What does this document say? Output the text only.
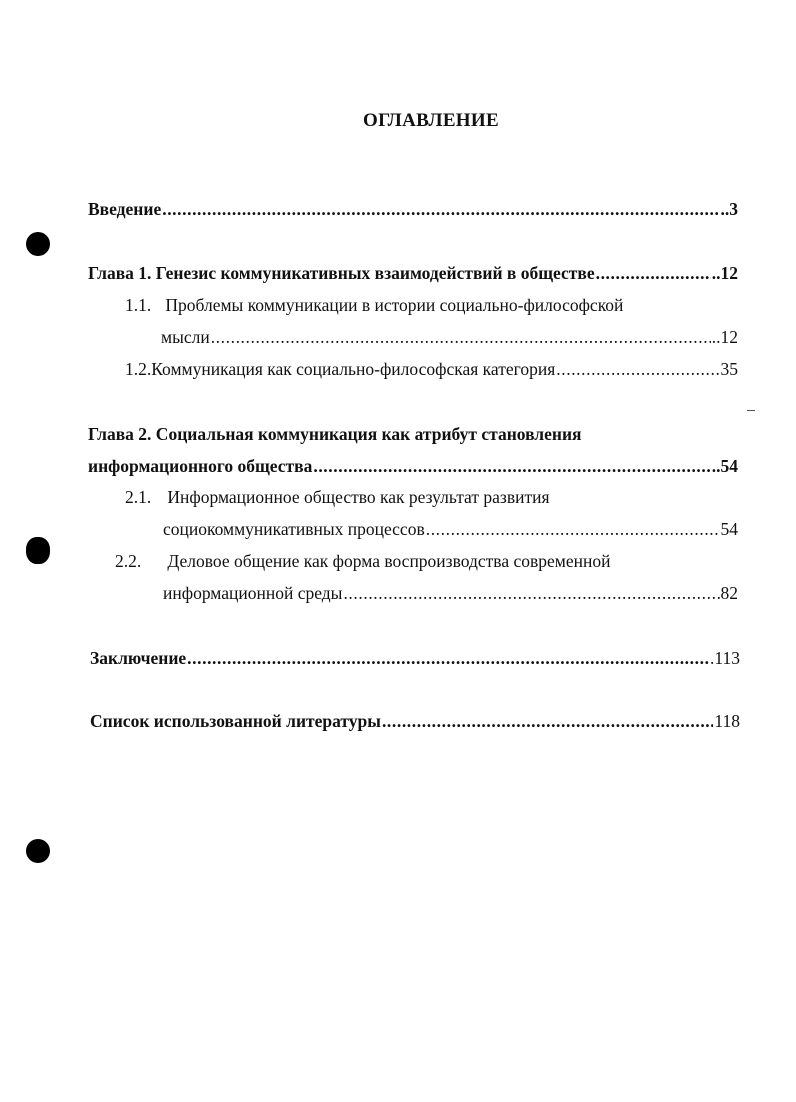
ОГЛАВЛЕНИЕ
Введение .....	..3
Глава 1. Генезис коммуникативных взаимодействий в обществе .....	..12
1.1. Проблемы коммуникации в истории социально-философской
мысли .....	..12
1.2. Коммуникация как социально-философская категория .....	35
Глава 2. Социальная коммуникация как атрибут становления
информационного общества .....	..54
2.1. Информационное общество как результат развития
социокоммуникативных процессов .....	54
2.2. Деловое общение как форма воспроизводства современной
информационной среды .....	82
Заключение .....	.113
Список использованной литературы .....	118
